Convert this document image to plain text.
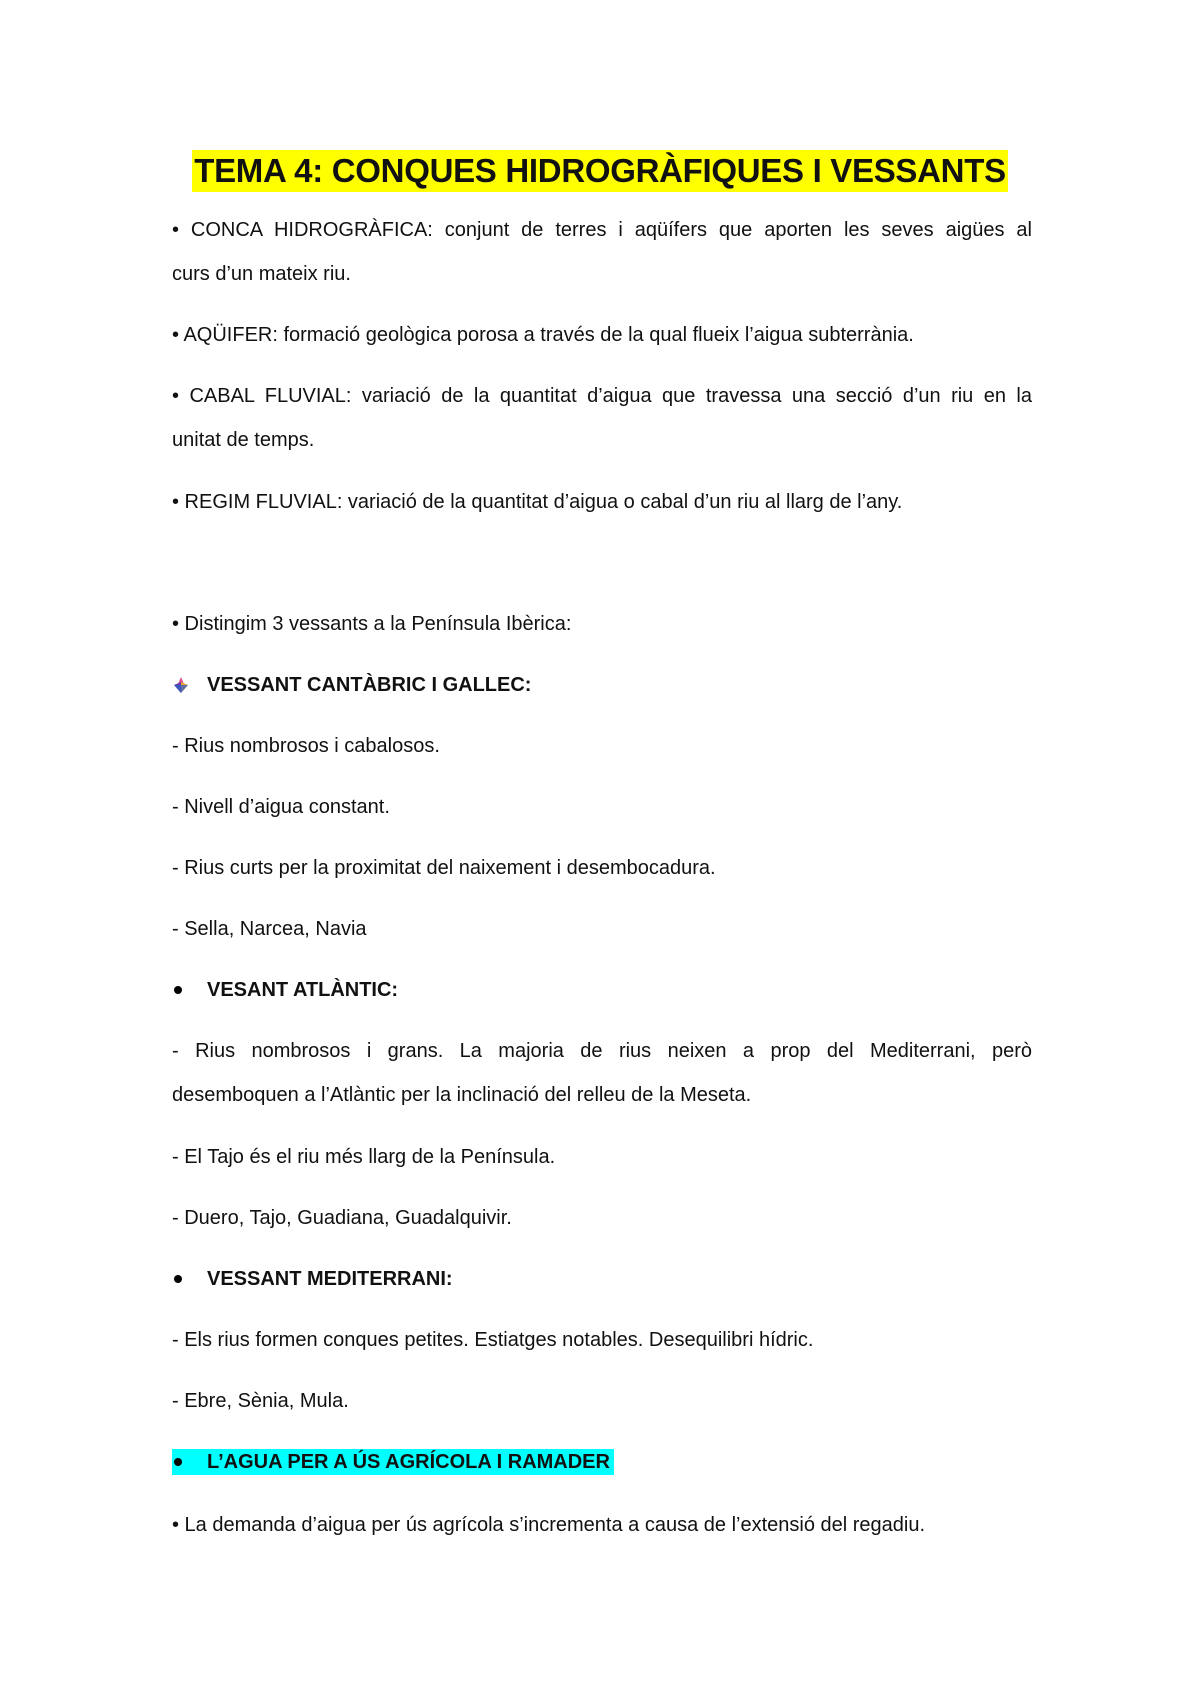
TEMA 4: CONQUES HIDROGRÀFIQUES I VESSANTS
• CONCA HIDROGRÀFICA: conjunt de terres i aqüífers que aporten les seves aigües al
curs d’un mateix riu.
• AQÜIFER: formació geològica porosa a través de la qual flueix l’aigua subterrània.
• CABAL FLUVIAL: variació de la quantitat d’aigua que travessa una secció d’un riu en la
unitat de temps.
• REGIM FLUVIAL: variació de la quantitat d’aigua o cabal d’un riu al llarg de l’any.
• Distingim 3 vessants a la Península Ibèrica:
VESSANT CANTÀBRIC I GALLEC:
- Rius nombrosos i cabalosos.
- Nivell d’aigua constant.
- Rius curts per la proximitat del naixement i desembocadura.
- Sella, Narcea, Navia
VESANT ATLÀNTIC:
- Rius nombrosos i grans. La majoria de rius neixen a prop del Mediterrani, però
desemboquen a l’Atlàntic per la inclinació del relleu de la Meseta.
- El Tajo és el riu més llarg de la Península.
- Duero, Tajo, Guadiana, Guadalquivir.
VESSANT MEDITERRANI:
- Els rius formen conques petites. Estiatges notables. Desequilibri hídric.
- Ebre, Sènia, Mula.
L’AGUA PER A ÚS AGRÍCOLA I RAMADER
• La demanda d’aigua per ús agrícola s’incrementa a causa de l’extensió del regadiu.
